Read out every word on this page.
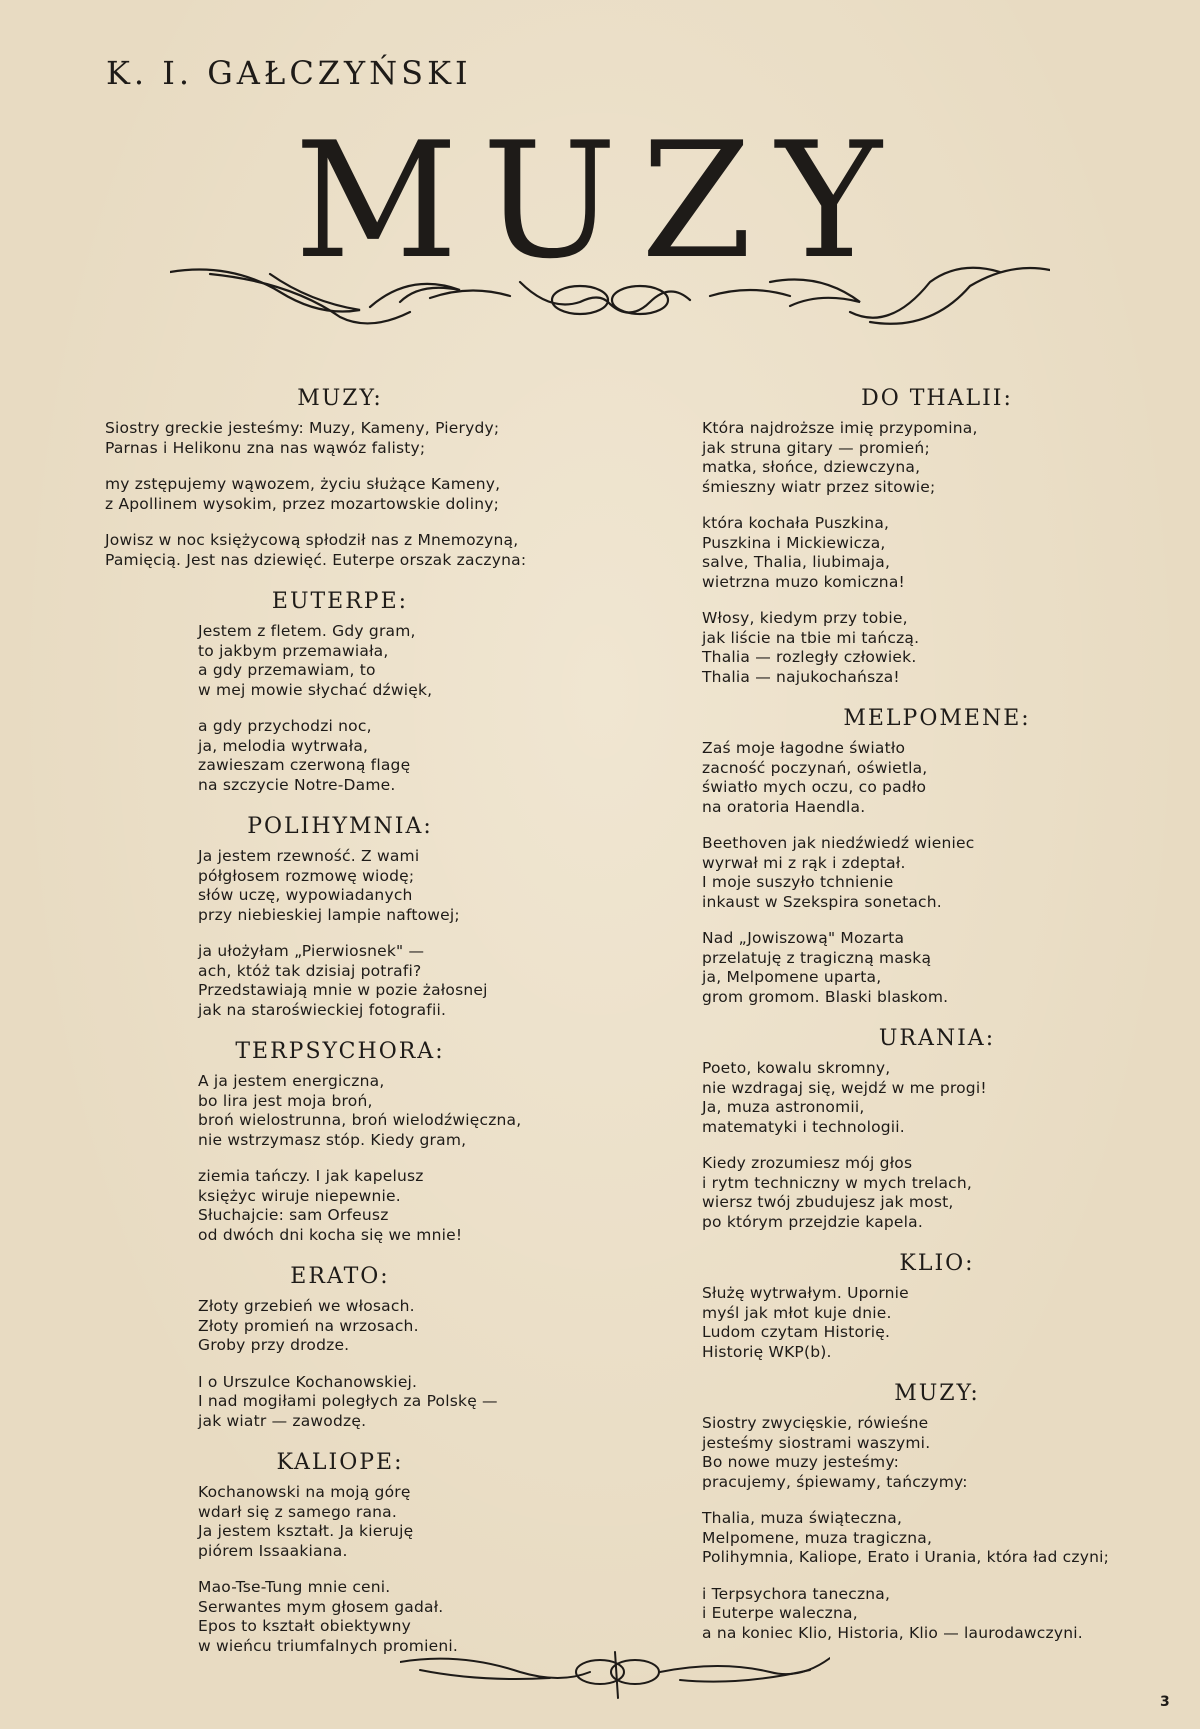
K. I. GAŁCZYŃSKI
MUZY
MUZY:
Siostry greckie jesteśmy: Muzy, Kameny, Pierydy;
Parnas i Helikonu zna nas wąwóz falisty;
my zstępujemy wąwozem, życiu służące Kameny,
z Apollinem wysokim, przez mozartowskie doliny;
Jowisz w noc księżycową spłodził nas z Mnemozyną,
Pamięcią. Jest nas dziewięć. Euterpe orszak zaczyna:
EUTERPE:
Jestem z fletem. Gdy gram,
to jakbym przemawiała,
a gdy przemawiam, to
w mej mowie słychać dźwięk,
a gdy przychodzi noc,
ja, melodia wytrwała,
zawieszam czerwoną flagę
na szczycie Notre-Dame.
POLIHYMNIA:
Ja jestem rzewność. Z wami
półgłosem rozmowę wiodę;
słów uczę, wypowiadanych
przy niebieskiej lampie naftowej;
ja ułożyłam „Pierwiosnek" —
ach, któż tak dzisiaj potrafi?
Przedstawiają mnie w pozie żałosnej
jak na staroświeckiej fotografii.
TERPSYCHORA:
A ja jestem energiczna,
bo lira jest moja broń,
broń wielostrunna, broń wielodźwięczna,
nie wstrzymasz stóp. Kiedy gram,
ziemia tańczy. I jak kapelusz
księżyc wiruje niepewnie.
Słuchajcie: sam Orfeusz
od dwóch dni kocha się we mnie!
ERATO:
Złoty grzebień we włosach.
Złoty promień na wrzosach.
Groby przy drodze.
I o Urszulce Kochanowskiej.
I nad mogiłami poległych za Polskę —
jak wiatr — zawodzę.
KALIOPE:
Kochanowski na moją górę
wdarł się z samego rana.
Ja jestem kształt. Ja kieruję
piórem Issaakiana.
Mao-Tse-Tung mnie ceni.
Serwantes mym głosem gadał.
Epos to kształt obiektywny
w wieńcu triumfalnych promieni.
DO THALII:
Która najdroższe imię przypomina,
jak struna gitary — promień;
matka, słońce, dziewczyna,
śmieszny wiatr przez sitowie;
która kochała Puszkina,
Puszkina i Mickiewicza,
salve, Thalia, liubimaja,
wietrzna muzo komiczna!
Włosy, kiedym przy tobie,
jak liście na tbie mi tańczą.
Thalia — rozległy człowiek.
Thalia — najukochańsza!
MELPOMENE:
Zaś moje łagodne światło
zacność poczynań, oświetla,
światło mych oczu, co padło
na oratoria Haendla.
Beethoven jak niedźwiedź wieniec
wyrwał mi z rąk i zdeptał.
I moje suszyło tchnienie
inkaust w Szekspira sonetach.
Nad „Jowiszową" Mozarta
przelatuję z tragiczną maską
ja, Melpomene uparta,
grom gromom. Blaski blaskom.
URANIA:
Poeto, kowalu skromny,
nie wzdragaj się, wejdź w me progi!
Ja, muza astronomii,
matematyki i technologii.
Kiedy zrozumiesz mój głos
i rytm techniczny w mych trelach,
wiersz twój zbudujesz jak most,
po którym przejdzie kapela.
KLIO:
Służę wytrwałym. Upornie
myśl jak młot kuje dnie.
Ludom czytam Historię.
Historię WKP(b).
MUZY:
Siostry zwycięskie, rówieśne
jesteśmy siostrami waszymi.
Bo nowe muzy jesteśmy:
pracujemy, śpiewamy, tańczymy:
Thalia, muza świąteczna,
Melpomene, muza tragiczna,
Polihymnia, Kaliope, Erato i Urania, która ład czyni;
i Terpsychora taneczna,
i Euterpe waleczna,
a na koniec Klio, Historia, Klio — laurodawczyni.
3
